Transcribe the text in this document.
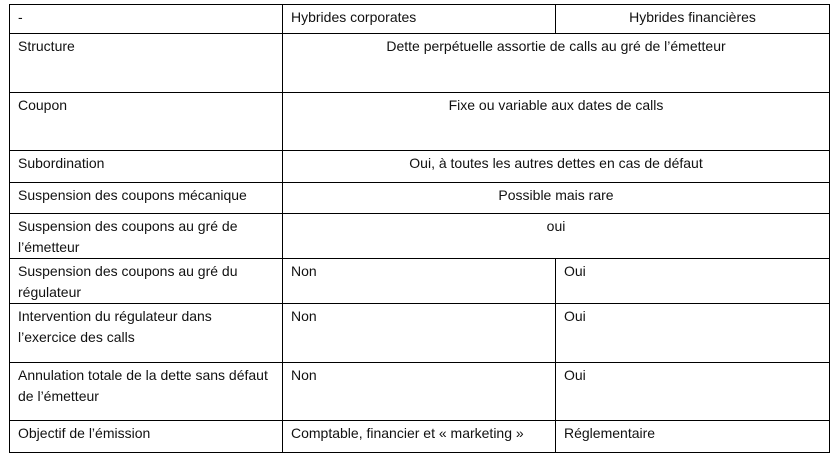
-	Hybrides corporates	Hybrides financières
Structure	Dette perpétuelle assortie de calls au gré de l’émetteur	
Coupon	Fixe ou variable aux dates de calls	
Subordination	Oui, à toutes les autres dettes en cas de défaut	
Suspension des coupons mécanique	Possible mais rare	
Suspension des coupons au gré de l’émetteur	oui	
Suspension des coupons au gré du régulateur	Non	Oui
Intervention du régulateur dans l’exercice des calls	Non	Oui
Annulation totale de la dette sans défaut de l’émetteur	Non	Oui
Objectif de l’émission	Comptable, financier et « marketing »	Réglementaire
